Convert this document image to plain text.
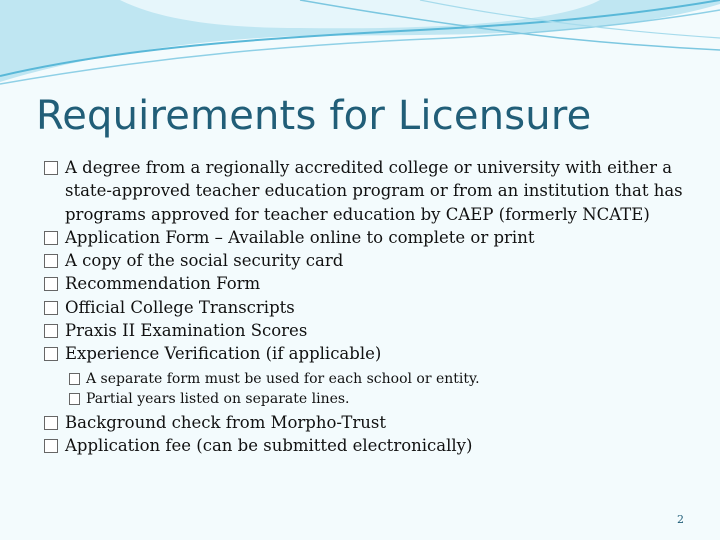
Requirements for Licensure
A degree from a regionally accredited college or university with either a state-approved teacher education program or from an institution that has programs approved for teacher education by CAEP (formerly NCATE)
Application Form – Available online to complete or print
A copy of the social security card
Recommendation Form
Official College Transcripts
Praxis II Examination Scores
Experience Verification (if applicable)
A separate form must be used for each school or entity.
Partial years listed on separate lines.
Background check from Morpho-Trust
Application fee (can be submitted electronically)
2
